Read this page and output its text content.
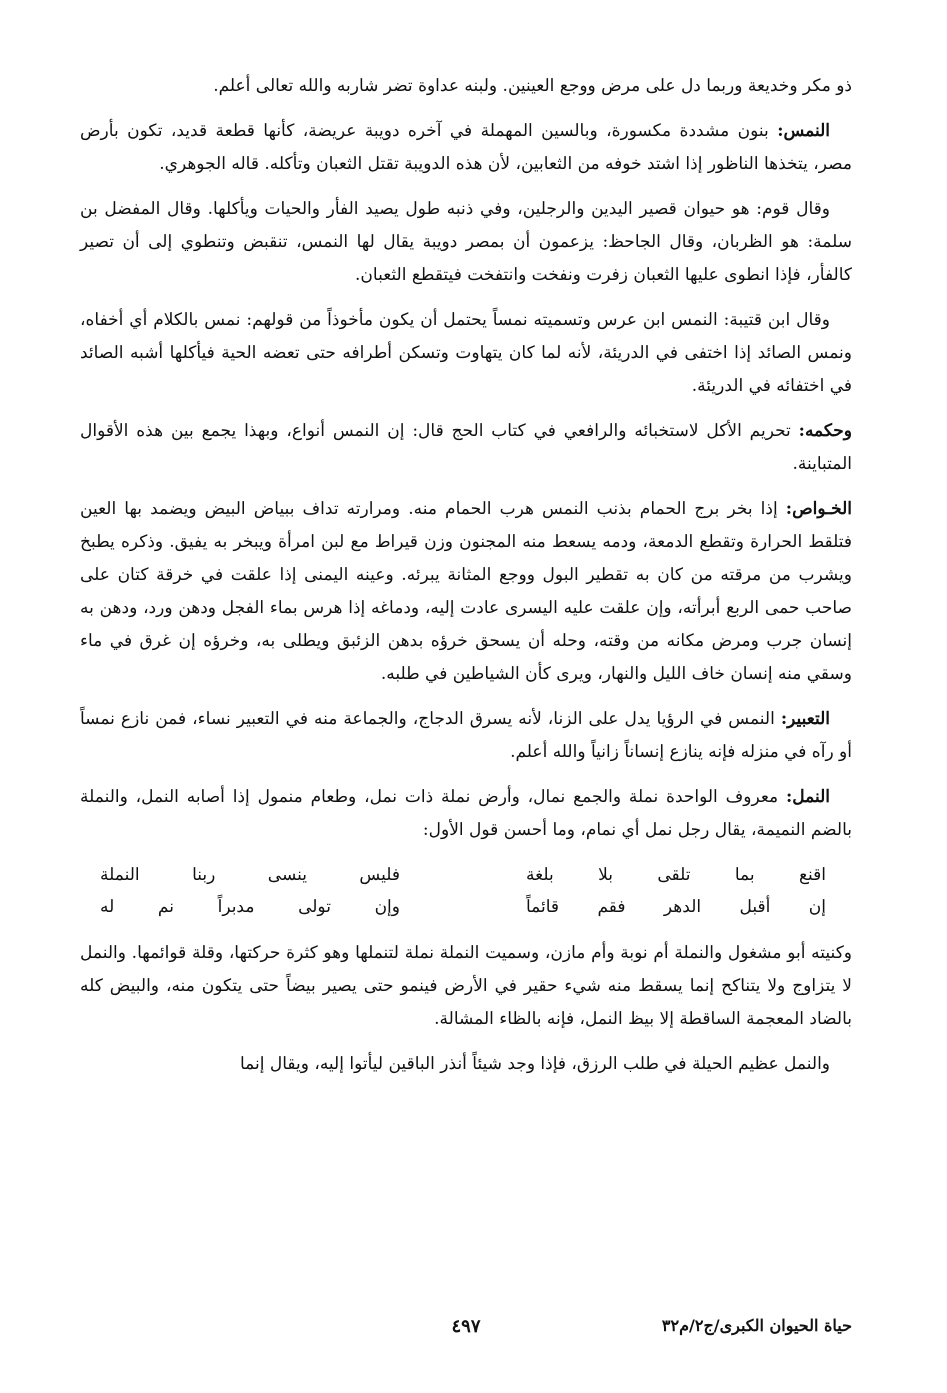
ذو مكر وخديعة وربما دل على مرض ووجع العينين. ولبنه عداوة تضر شاربه والله تعالى أعلم.

النمس: بنون مشددة مكسورة، وبالسين المهملة في آخره دويبة عريضة، كأنها قطعة قديد، تكون بأرض مصر، يتخذها الناظور إذا اشتد خوفه من الثعابين، لأن هذه الدويبة تقتل الثعبان وتأكله. قاله الجوهري.

وقال قوم: هو حيوان قصير اليدين والرجلين، وفي ذنبه طول يصيد الفأر والحيات ويأكلها. وقال المفضل بن سلمة: هو الظربان، وقال الجاحظ: يزعمون أن بمصر دويبة يقال لها النمس، تنقبض وتنطوي إلى أن تصير كالفأر، فإذا انطوى عليها الثعبان زفرت ونفخت وانتفخت فيتقطع الثعبان.

وقال ابن قتيبة: النمس ابن عرس وتسميته نمساً يحتمل أن يكون مأخوذاً من قولهم: نمس بالكلام أي أخفاه، ونمس الصائد إذا اختفى في الدريئة، لأنه لما كان يتهاوت وتسكن أطرافه حتى تعضه الحية فيأكلها أشبه الصائد في اختفائه في الدريئة.

وحكمه: تحريم الأكل لاستخبائه والرافعي في كتاب الحج قال: إن النمس أنواع، وبهذا يجمع بين هذه الأقوال المتباينة.

الخـواص: إذا بخر برج الحمام بذنب النمس هرب الحمام منه. ومرارته تداف ببياض البيض ويضمد بها العين فتلقط الحرارة وتقطع الدمعة، ودمه يسعط منه المجنون وزن قيراط مع لبن امرأة ويبخر به يفيق. وذكره يطبخ ويشرب من مرقته من كان به تقطير البول ووجع المثانة يبرئه. وعينه اليمنى إذا علقت في خرقة كتان على صاحب حمى الربع أبرأته، وإن علقت عليه اليسرى عادت إليه، ودماغه إذا هرس بماء الفجل ودهن ورد، ودهن به إنسان جرب ومرض مكانه من وقته، وحله أن يسحق خرؤه بدهن الزئبق ويطلى به، وخرؤه إن غرق في ماء وسقي منه إنسان خاف الليل والنهار، ويرى كأن الشياطين في طلبه.

التعبير: النمس في الرؤيا يدل على الزنا، لأنه يسرق الدجاج، والجماعة منه في التعبير نساء، فمن نازع نمساً أو رآه في منزله فإنه ينازع إنساناً زانياً والله أعلم.

النمل: معروف الواحدة نملة والجمع نمال، وأرض نملة ذات نمل، وطعام منمول إذا أصابه النمل، والنملة بالضم النميمة، يقال رجل نمل أي نمام، وما أحسن قول الأول:

اقنع بما تلقى بلا بلغة
فليس ينسى ربنا النملة
إن أقبل الدهر فقم قائماً
وإن تولى مدبراً نم له

وكنيته أبو مشغول والنملة أم نوبة وأم مازن، وسميت النملة نملة لتنملها وهو كثرة حركتها، وقلة قوائمها. والنمل لا يتزاوج ولا يتناكح إنما يسقط منه شيء حقير في الأرض فينمو حتى يصير بيضاً حتى يتكون منه، والبيض كله بالضاد المعجمة الساقطة إلا بيظ النمل، فإنه بالظاء المشالة.

والنمل عظيم الحيلة في طلب الرزق، فإذا وجد شيئاً أنذر الباقين ليأتوا إليه، ويقال إنما

حياة الحيوان الكبرى/ج٢/م٣٢
٤٩٧
